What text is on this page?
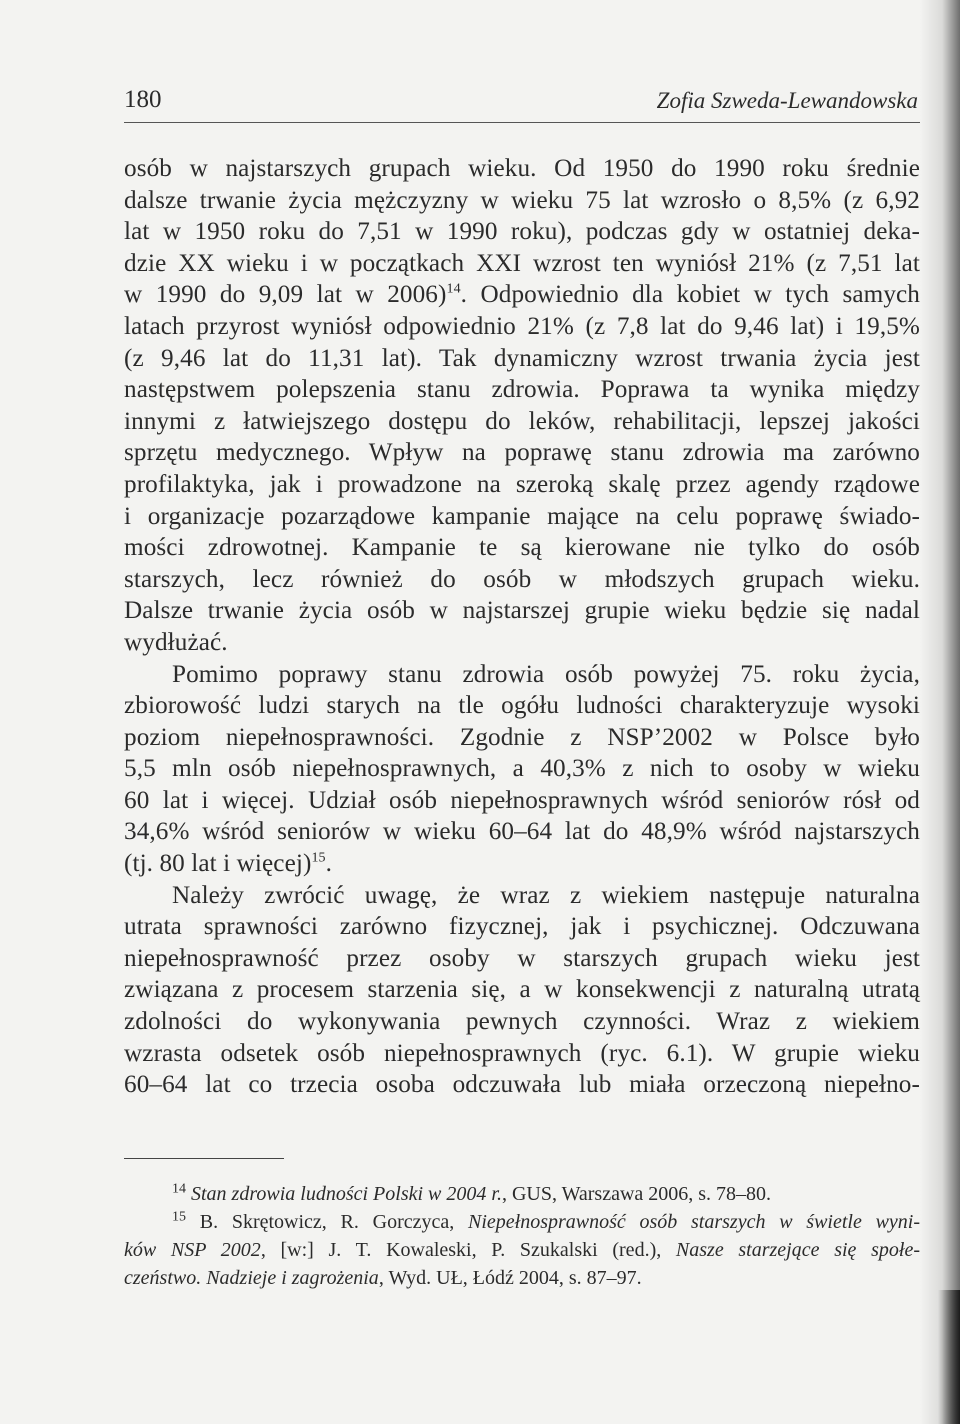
180	Zofia Szweda-Lewandowska
osób w najstarszych grupach wieku. Od 1950 do 1990 roku średnie
dalsze trwanie życia mężczyzny w wieku 75 lat wzrosło o 8,5% (z 6,92
lat w 1950 roku do 7,51 w 1990 roku), podczas gdy w ostatniej deka-
dzie XX wieku i w początkach XXI wzrost ten wyniósł 21% (z 7,51 lat
w 1990 do 9,09 lat w 2006)$^{14}$. Odpowiednio dla kobiet w tych samych
latach przyrost wyniósł odpowiednio 21% (z 7,8 lat do 9,46 lat) i 19,5%
(z 9,46 lat do 11,31 lat). Tak dynamiczny wzrost trwania życia jest
następstwem polepszenia stanu zdrowia. Poprawa ta wynika między
innymi z łatwiejszego dostępu do leków, rehabilitacji, lepszej jakości
sprzętu medycznego. Wpływ na poprawę stanu zdrowia ma zarówno
profilaktyka, jak i prowadzone na szeroką skalę przez agendy rządowe
i organizacje pozarządowe kampanie mające na celu poprawę świado-
mości zdrowotnej. Kampanie te są kierowane nie tylko do osób
starszych, lecz również do osób w młodszych grupach wieku.
Dalsze trwanie życia osób w najstarszej grupie wieku będzie się nadal
wydłużać.
Pomimo poprawy stanu zdrowia osób powyżej 75. roku życia,
zbiorowość ludzi starych na tle ogółu ludności charakteryzuje wysoki
poziom niepełnosprawności. Zgodnie z NSP’2002 w Polsce było
5,5 mln osób niepełnosprawnych, a 40,3% z nich to osoby w wieku
60 lat i więcej. Udział osób niepełnosprawnych wśród seniorów rósł od
34,6% wśród seniorów w wieku 60–64 lat do 48,9% wśród najstarszych
(tj. 80 lat i więcej)$^{15}$.
Należy zwrócić uwagę, że wraz z wiekiem następuje naturalna
utrata sprawności zarówno fizycznej, jak i psychicznej. Odczuwana
niepełnosprawność przez osoby w starszych grupach wieku jest
związana z procesem starzenia się, a w konsekwencji z naturalną utratą
zdolności do wykonywania pewnych czynności. Wraz z wiekiem
wzrasta odsetek osób niepełnosprawnych (ryc. 6.1). W grupie wieku
60–64 lat co trzecia osoba odczuwała lub miała orzeczoną niepełno-
$^{14}$ Stan zdrowia ludności Polski w 2004 r., GUS, Warszawa 2006, s. 78–80.
$^{15}$ B. Skrętowicz, R. Gorczyca, Niepełnosprawność osób starszych w świetle wyni-
ków NSP 2002, [w:] J. T. Kowaleski, P. Szukalski (red.), Nasze starzejące się społe-
czeństwo. Nadzieje i zagrożenia, Wyd. UŁ, Łódź 2004, s. 87–97.
